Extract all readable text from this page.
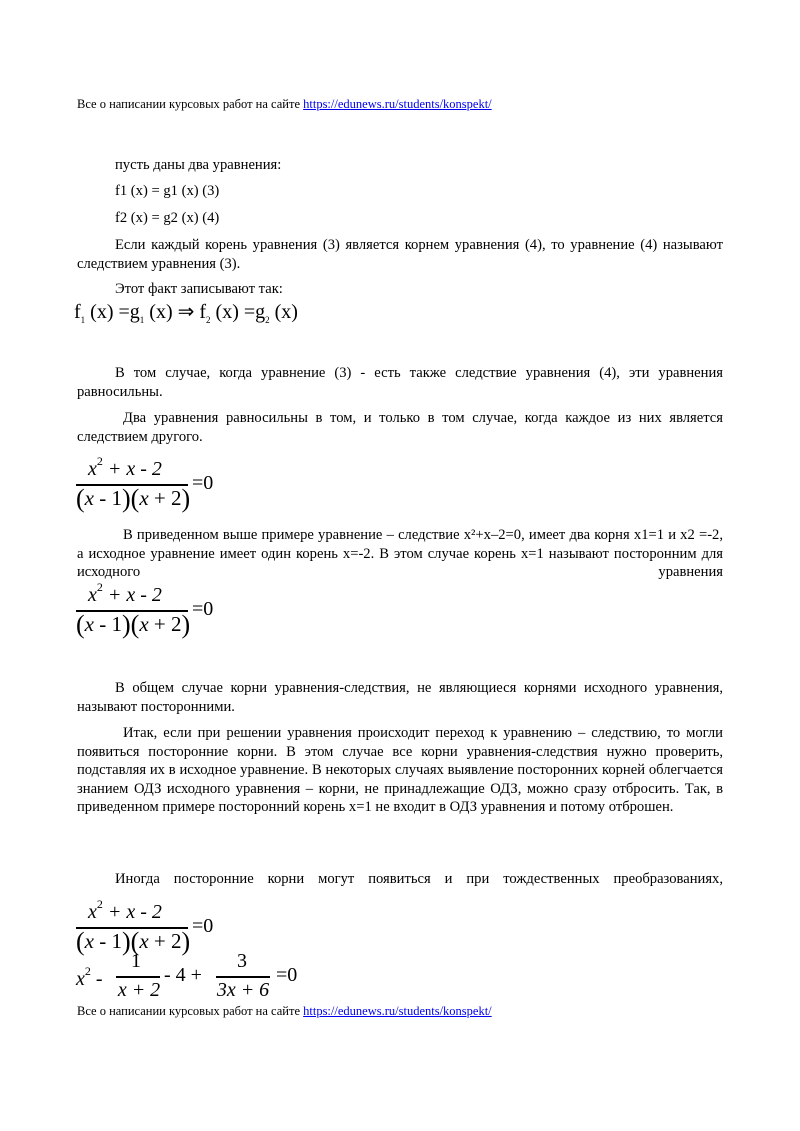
Все о написании курсовых работ на сайте https://edunews.ru/students/konspekt/
пусть даны два уравнения:
f1 (x) = g1 (x) (3)
f2 (x) = g2 (x) (4)
Если каждый корень уравнения (3) является корнем уравнения (4), то уравнение (4) называют следствием уравнения (3).
Этот факт записывают так:
$f_1$ $(x) =g_1$ (x) ⇒ $f_2$ $(x) =g_2$ (x)
В том случае, когда уравнение (3) - есть также следствие уравнения (4), эти уравнения равносильны.
Два уравнения равносильны в том, и только в том случае, когда каждое из них является следствием другого.
$x^2 + x - 2$
(x - 1)(x + 2)
=0
В приведенном выше примере уравнение – следствие x²+x–2=0, имеет два корня x1=1 и x2 =-2, а исходное уравнение имеет один корень x=-2. В этом случае корень x=1 называют посторонним для исходного уравнения
$x^2 + x - 2$
(x - 1)(x + 2)
=0
В общем случае корни уравнения-следствия, не являющиеся корнями исходного уравнения, называют посторонними.
Итак, если при решении уравнения происходит переход к уравнению – следствию, то могли появиться посторонние корни. В этом случае все корни уравнения-следствия нужно проверить, подставляя их в исходное уравнение. В некоторых случаях выявление посторонних корней облегчается знанием ОДЗ исходного уравнения – корни, не принадлежащие ОДЗ, можно сразу отбросить. Так, в приведенном примере посторонний корень x=1 не входит в ОДЗ уравнения и потому отброшен.
Иногда посторонние корни могут появиться и при тождественных преобразованиях,
$x^2 + x - 2$
(x - 1)(x + 2)
=0
$x^2$ -
1
x + 2
- 4 +
3
3x + 6
=0
Все о написании курсовых работ на сайте https://edunews.ru/students/konspekt/
